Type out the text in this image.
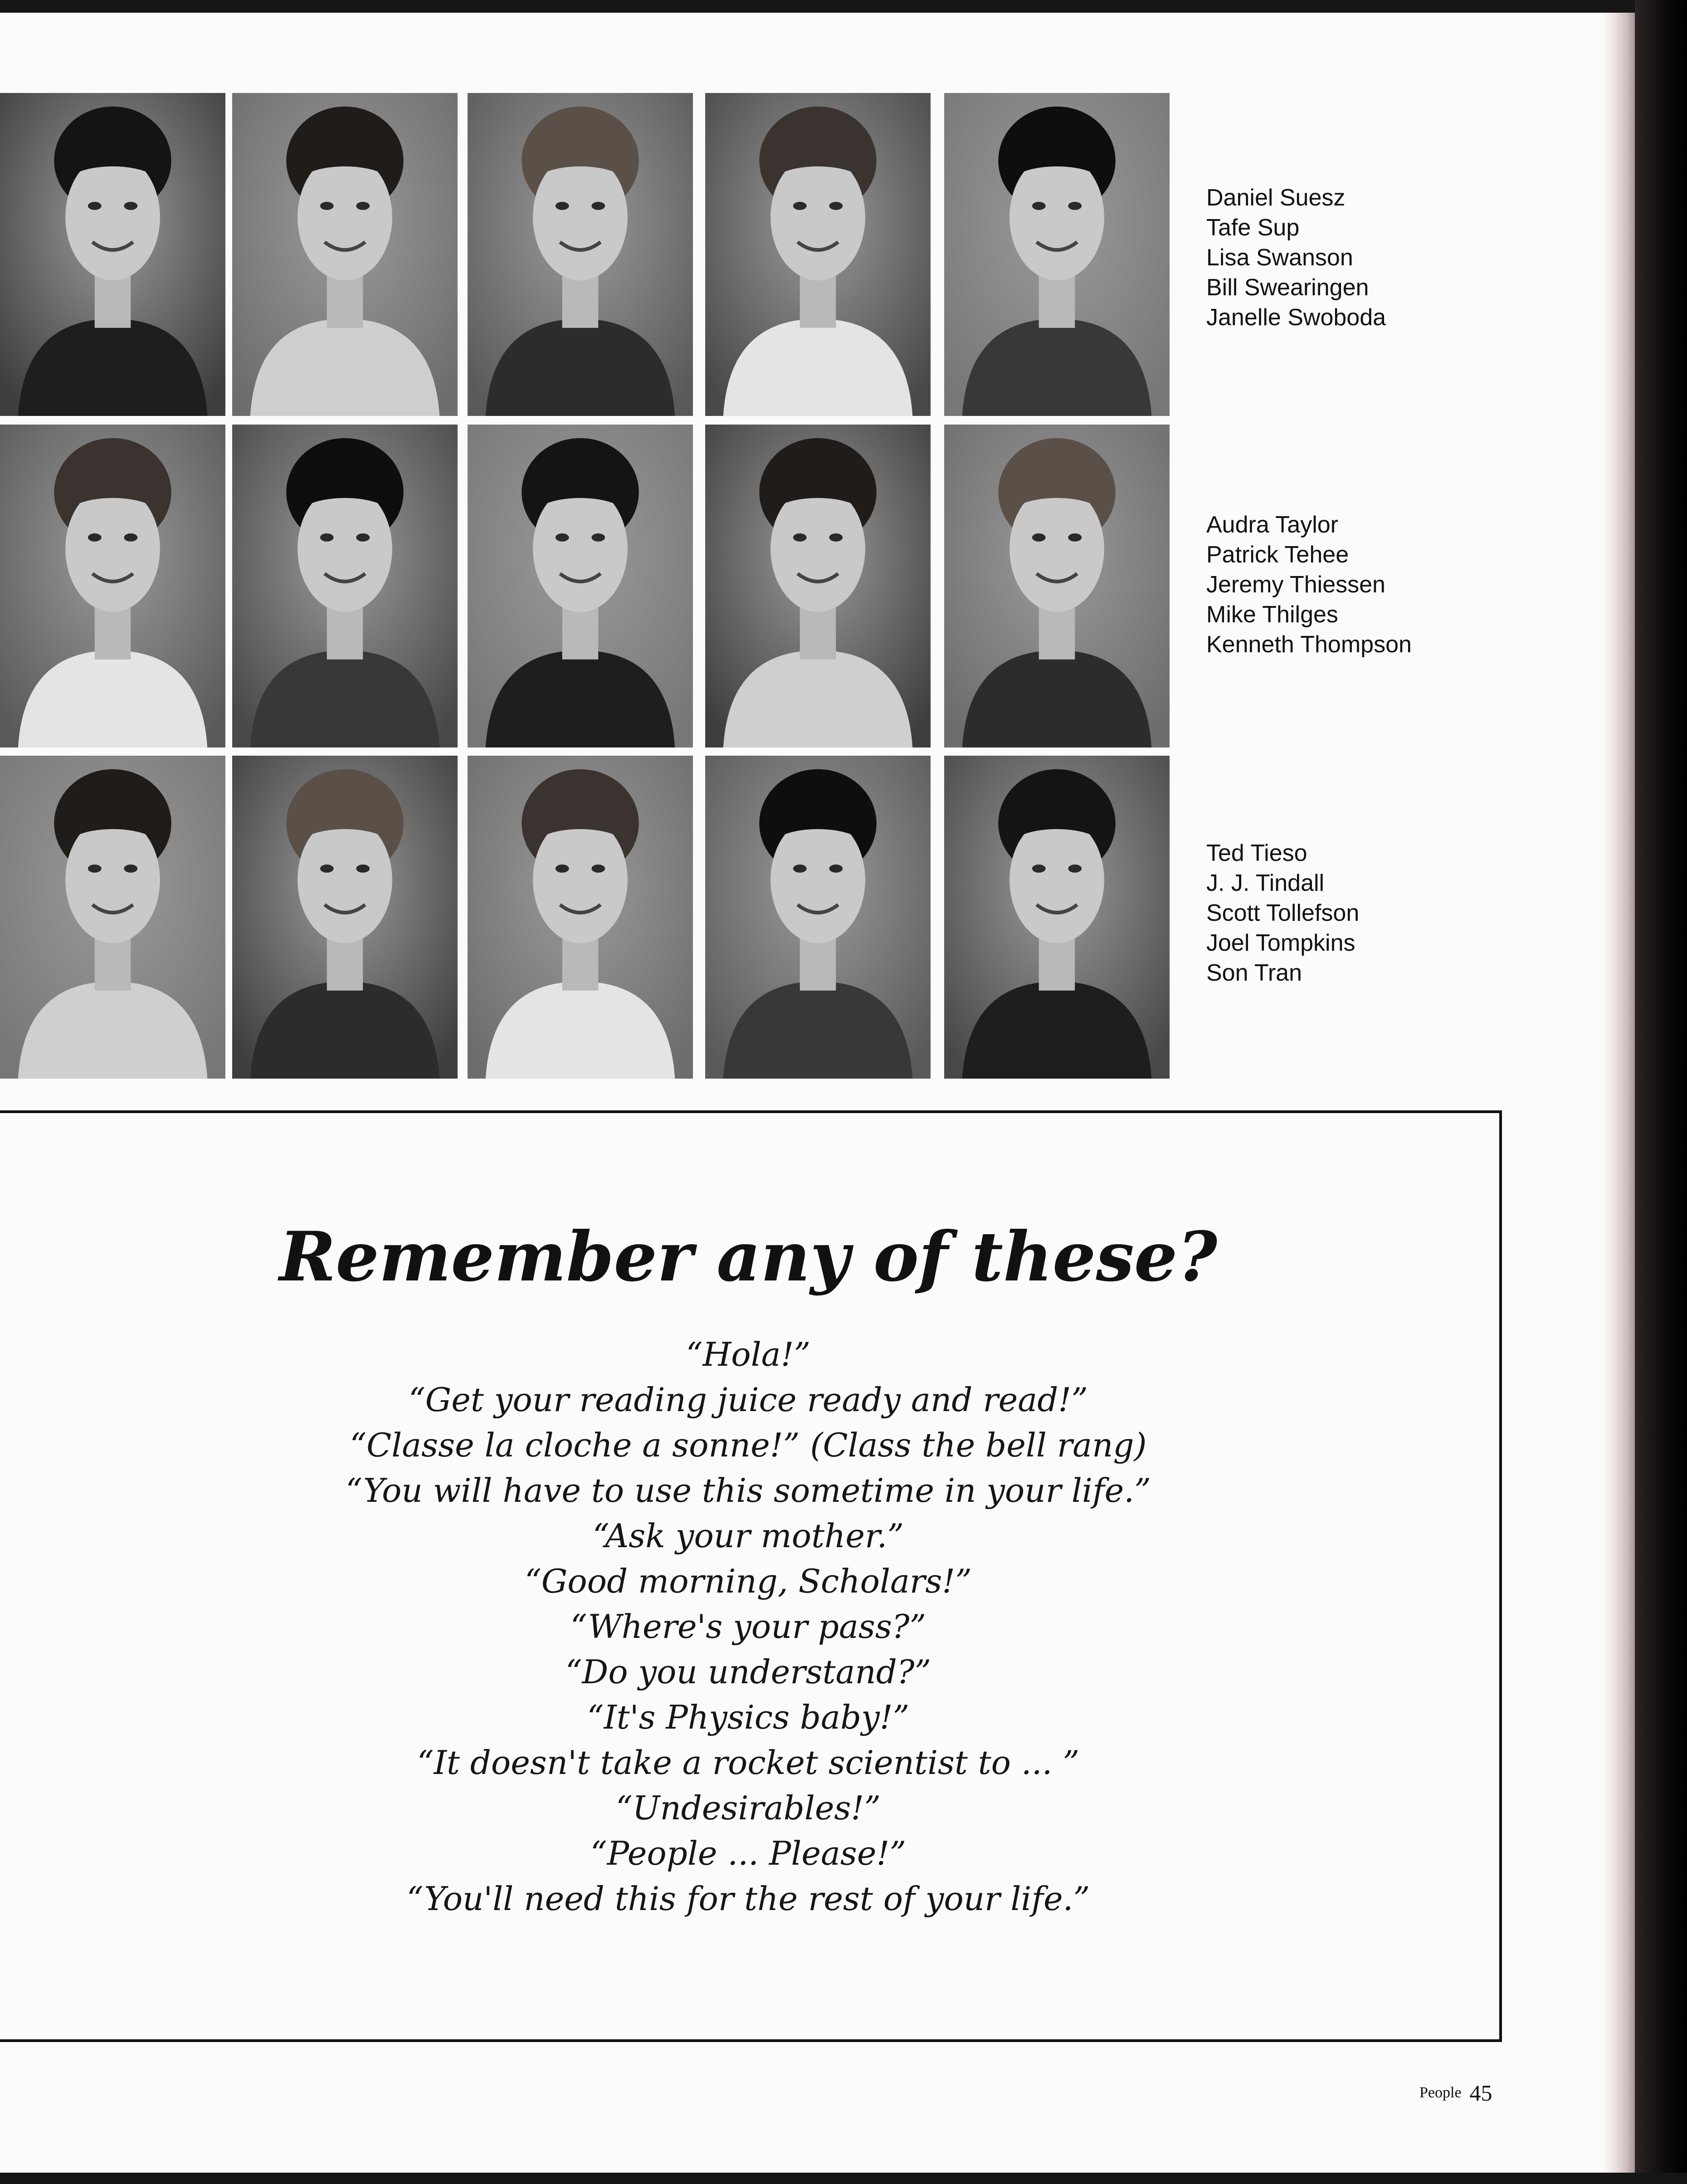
Daniel Suesz
Tafe Sup
Lisa Swanson
Bill Swearingen
Janelle Swoboda
Audra Taylor
Patrick Tehee
Jeremy Thiessen
Mike Thilges
Kenneth Thompson
Ted Tieso
J. J. Tindall
Scott Tollefson
Joel Tompkins
Son Tran
Remember any of these?
“Hola!”
“Get your reading juice ready and read!”
“Classe la cloche a sonne!” (Class the bell rang)
“You will have to use this sometime in your life.”
“Ask your mother.”
“Good morning, Scholars!”
“Where's your pass?”
“Do you understand?”
“It's Physics baby!”
“It doesn't take a rocket scientist to ... ”
“Undesirables!”
“People ... Please!”
“You'll need this for the rest of your life.”
People 45
